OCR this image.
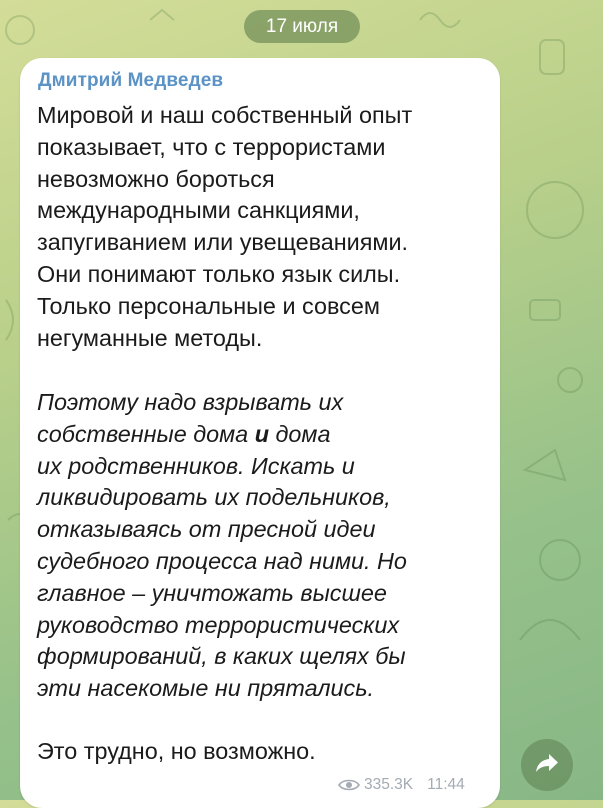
17 июля
Дмитрий Медведев

Мировой и наш собственный опыт
показывает, что с террористами
невозможно бороться
международными санкциями,
запугиванием или увещеваниями.
Они понимают только язык силы.
Только персональные и совсем
негуманные методы.

Поэтому надо взрывать их
собственные дома и дома
их родственников. Искать и
ликвидировать их подельников,
отказываясь от пресной идеи
судебного процесса над ними. Но
главное – уничтожать высшее
руководство террористических
формирований, в каких щелях бы
эти насекомые ни прятались.

Это трудно, но возможно.

335.3K 11:44
